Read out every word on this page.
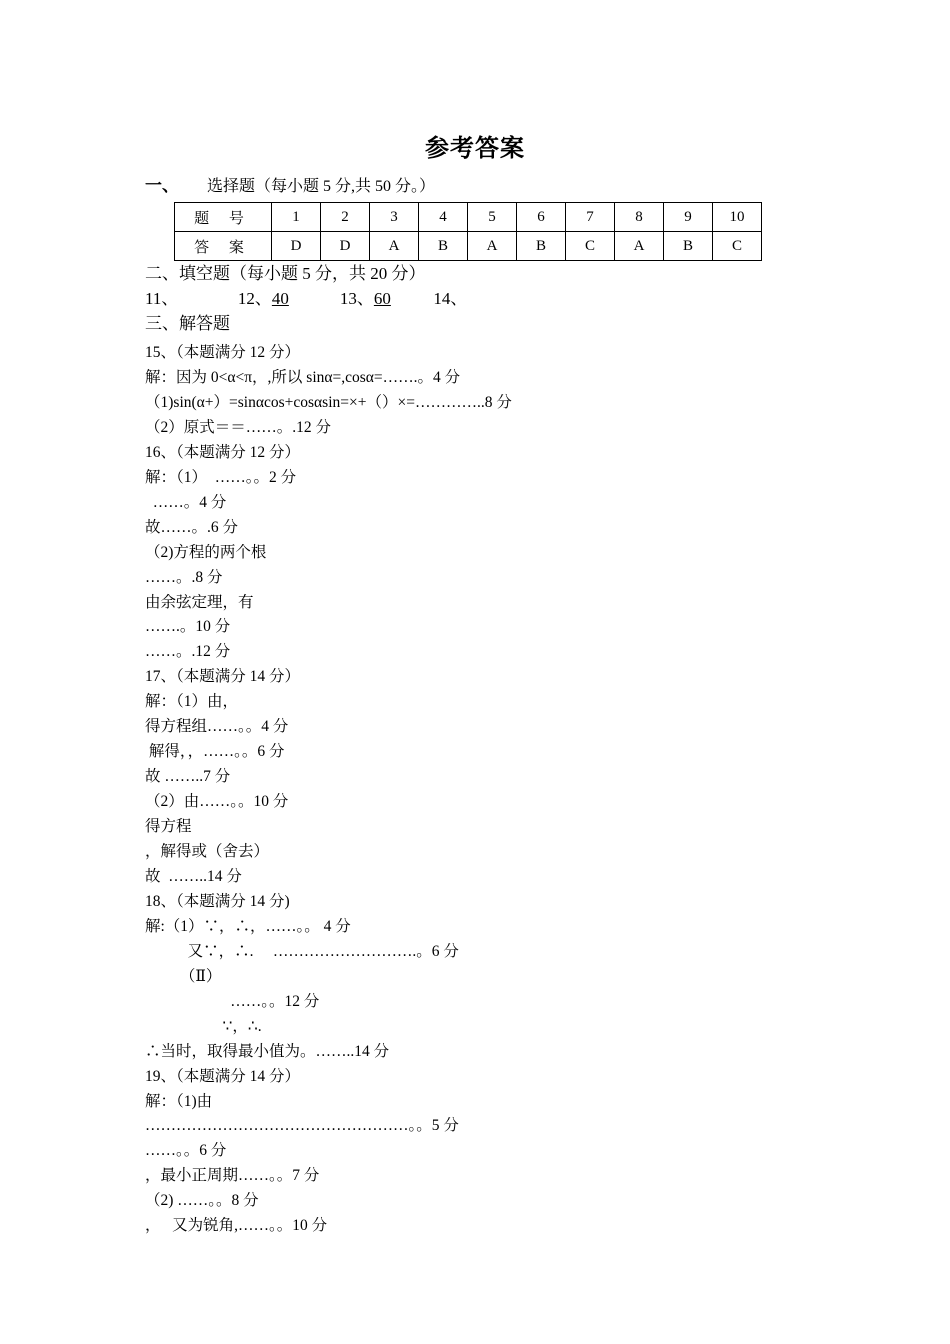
参考答案
一、 选择题（每小题 5 分,共 50 分。）
题 号	1	2	3	4	5	6	7	8	9	10
答 案	D	D	A	B	A	B	C	A	B	C
二、填空题（每小题 5 分，共 20 分）
11、	12、40	13、60	14、
三、解答题
15、（本题满分 12 分）
解：因为 0<α<π，,所以 sinα=,cosα=…….。4 分
（1)sin(α+）=sinαcos+cosαsin=×+（）×=…………..8 分
（2）原式＝＝……。.12 分
16、（本题满分 12 分）
解：（1）  ……。。2 分
……。4 分
故……。.6 分
（2)方程的两个根
……。.8 分
由余弦定理，有
…….。10 分
……。.12 分
17、（本题满分 14 分）
解：（1）由，
得方程组……。。4 分
解得，，……。。6 分
故 ……..7 分
（2）由……。。10 分
得方程
，解得或（舍去）
故  ……..14 分
18、（本题满分 14 分)
解:（1）∵，∴，……。。 4 分
又∵，∴.     ……………………….。6 分
（Ⅱ）
……。。12 分
∵，∴.
∴当时，取得最小值为。……..14 分
19、（本题满分 14 分）
解：（1)由
……………………………………………。。5 分
……。。6 分
，最小正周期……。。7 分
（2) ……。。8 分
，   又为锐角,……。。10 分
